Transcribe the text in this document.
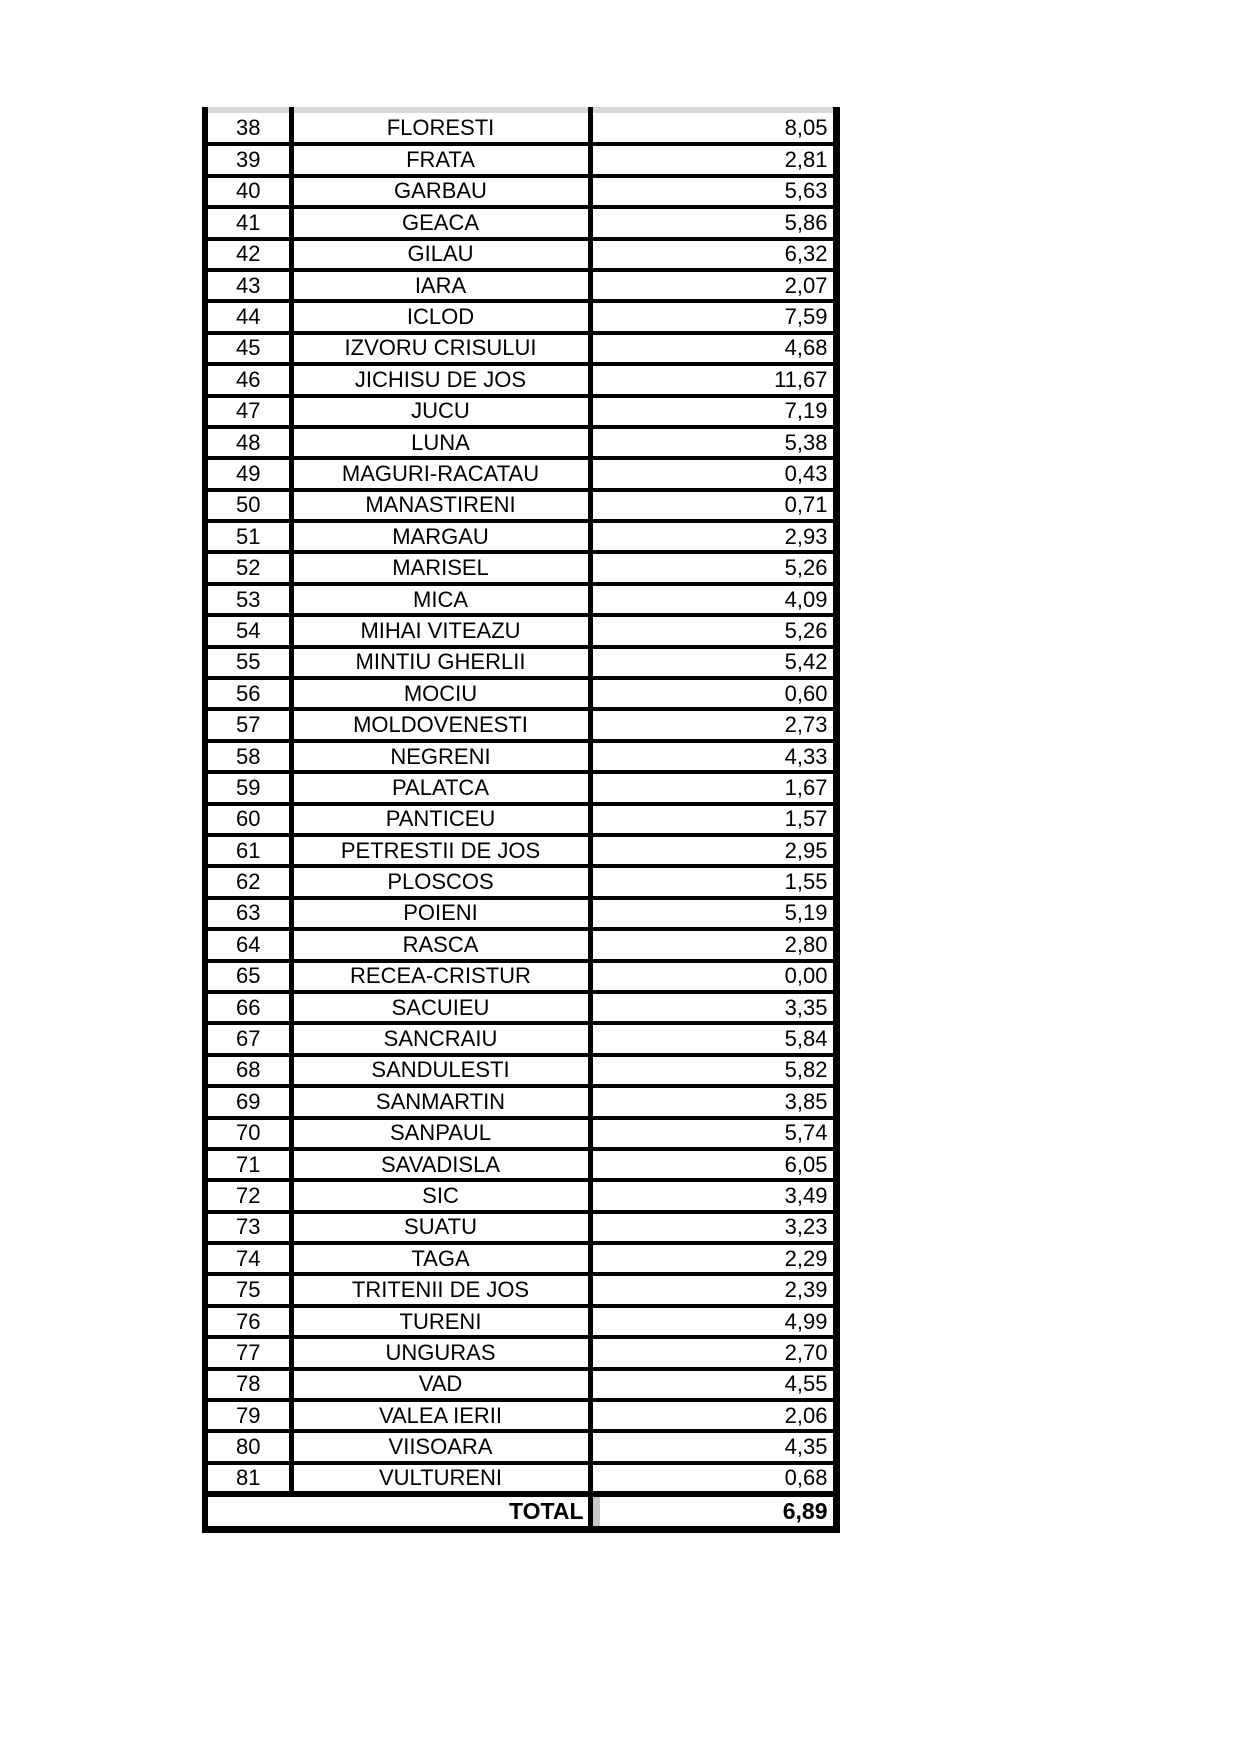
38	FLORESTI	8,05
39	FRATA	2,81
40	GARBAU	5,63
41	GEACA	5,86
42	GILAU	6,32
43	IARA	2,07
44	ICLOD	7,59
45	IZVORU CRISULUI	4,68
46	JICHISU DE JOS	11,67
47	JUCU	7,19
48	LUNA	5,38
49	MAGURI-RACATAU	0,43
50	MANASTIRENI	0,71
51	MARGAU	2,93
52	MARISEL	5,26
53	MICA	4,09
54	MIHAI VITEAZU	5,26
55	MINTIU GHERLII	5,42
56	MOCIU	0,60
57	MOLDOVENESTI	2,73
58	NEGRENI	4,33
59	PALATCA	1,67
60	PANTICEU	1,57
61	PETRESTII DE JOS	2,95
62	PLOSCOS	1,55
63	POIENI	5,19
64	RASCA	2,80
65	RECEA-CRISTUR	0,00
66	SACUIEU	3,35
67	SANCRAIU	5,84
68	SANDULESTI	5,82
69	SANMARTIN	3,85
70	SANPAUL	5,74
71	SAVADISLA	6,05
72	SIC	3,49
73	SUATU	3,23
74	TAGA	2,29
75	TRITENII DE JOS	2,39
76	TURENI	4,99
77	UNGURAS	2,70
78	VAD	4,55
79	VALEA IERII	2,06
80	VIISOARA	4,35
81	VULTURENI	0,68
TOTAL		6,89
